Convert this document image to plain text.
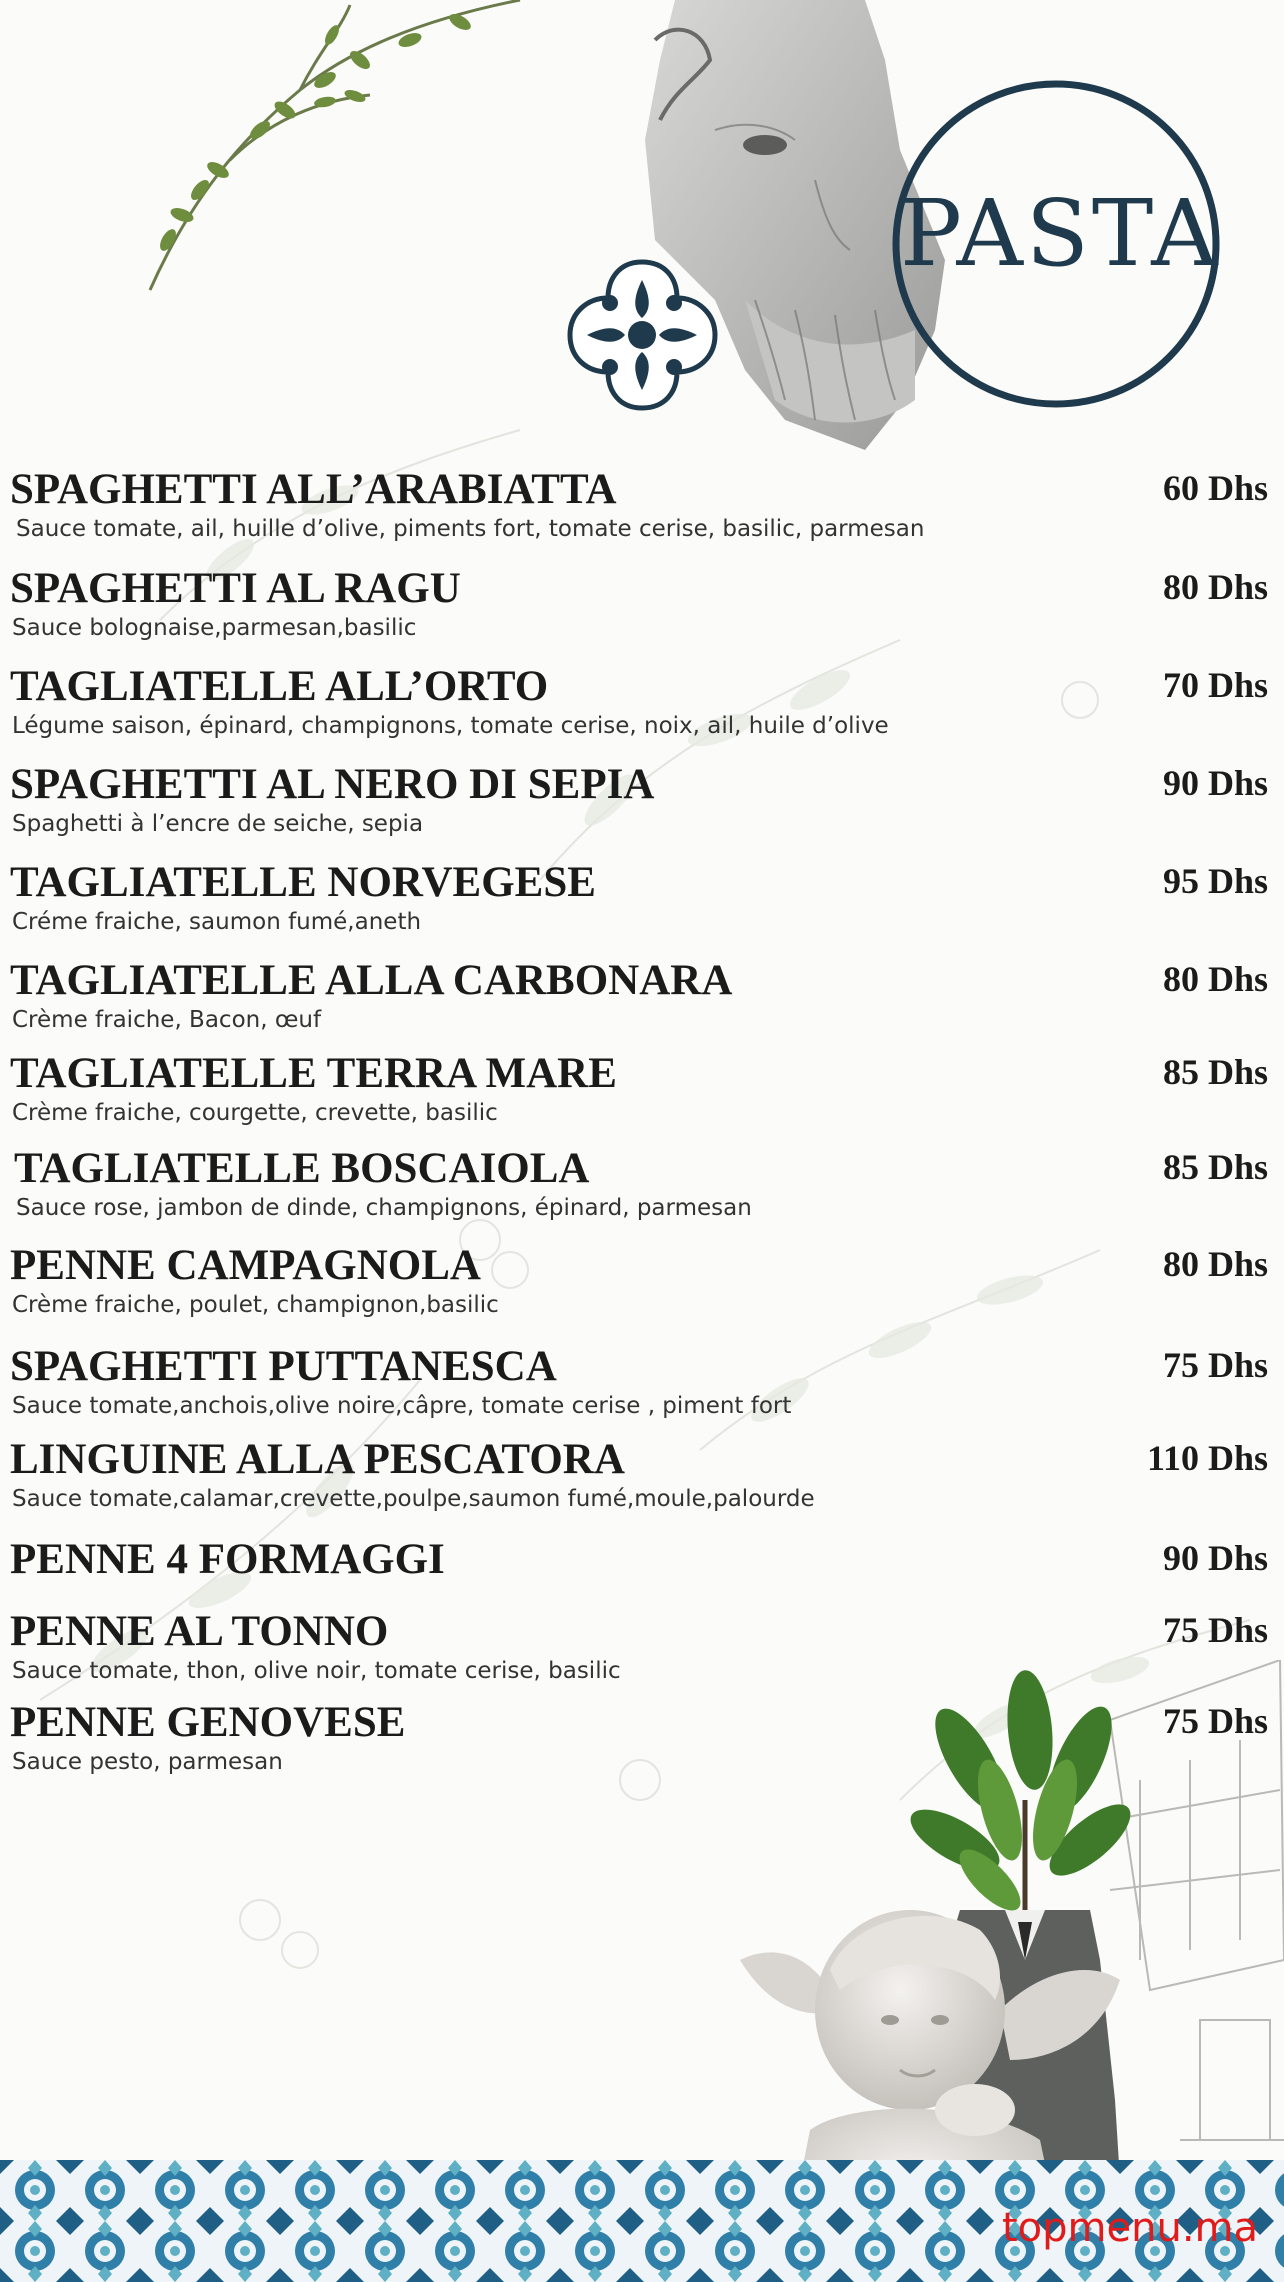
PASTA
SPAGHETTI ALL’ARABIATTA	60 Dhs
Sauce tomate, ail, huille d’olive, piments fort, tomate cerise, basilic, parmesan
SPAGHETTI AL RAGU	80 Dhs
Sauce bolognaise,parmesan,basilic
TAGLIATELLE ALL’ORTO	70 Dhs
Légume saison, épinard, champignons, tomate cerise, noix, ail, huile d’olive
SPAGHETTI AL NERO DI SEPIA	90 Dhs
Spaghetti à l’encre de seiche, sepia
TAGLIATELLE NORVEGESE	95 Dhs
Créme fraiche, saumon fumé,aneth
TAGLIATELLE ALLA CARBONARA	80 Dhs
Crème fraiche, Bacon, œuf
TAGLIATELLE TERRA MARE	85 Dhs
Crème fraiche, courgette, crevette, basilic
TAGLIATELLE BOSCAIOLA	85 Dhs
Sauce rose, jambon de dinde, champignons, épinard, parmesan
PENNE CAMPAGNOLA	80 Dhs
Crème fraiche, poulet, champignon,basilic
SPAGHETTI PUTTANESCA	75 Dhs
Sauce tomate,anchois,olive noire,câpre, tomate cerise , piment fort
LINGUINE ALLA PESCATORA	110 Dhs
Sauce tomate,calamar,crevette,poulpe,saumon fumé,moule,palourde
PENNE 4 FORMAGGI	90 Dhs
PENNE AL TONNO	75 Dhs
Sauce tomate, thon, olive noir, tomate cerise, basilic
PENNE GENOVESE	75 Dhs
Sauce pesto, parmesan
topmenu.ma
